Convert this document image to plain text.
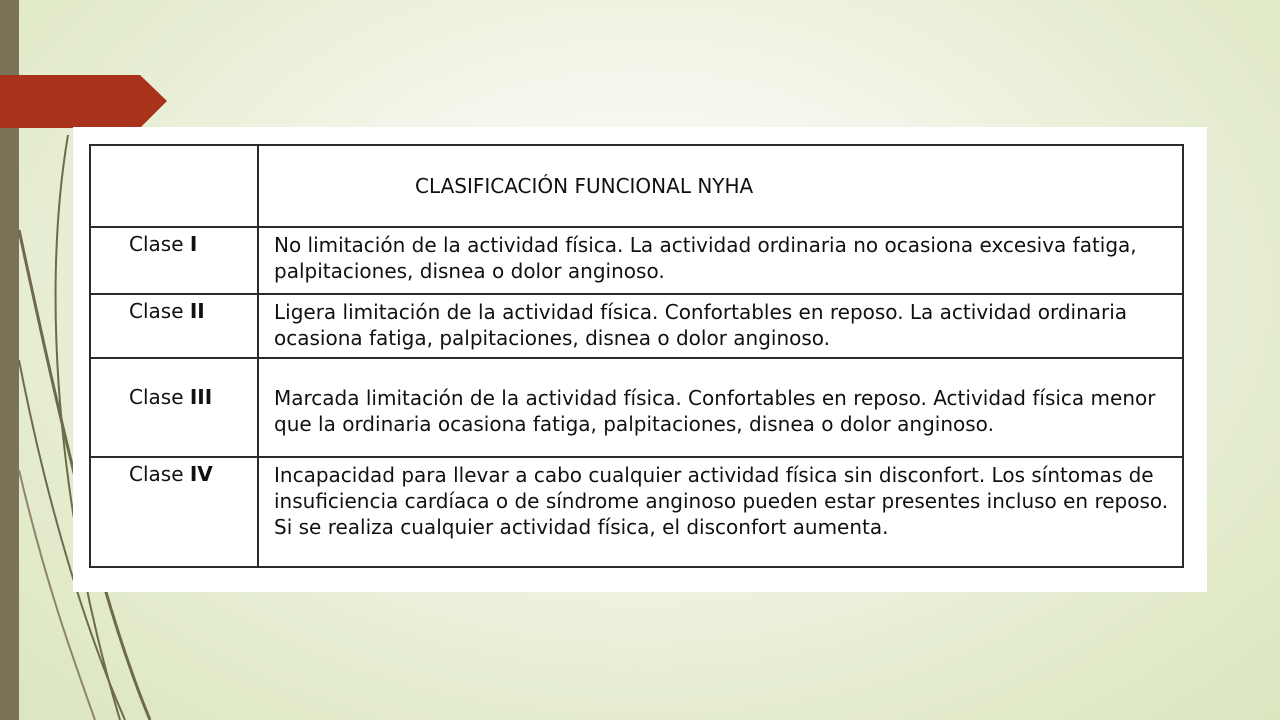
	CLASIFICACIÓN FUNCIONAL NYHA
Clase I	No limitación de la actividad física. La actividad ordinaria no ocasiona excesiva fatiga, palpitaciones, disnea o dolor anginoso.
Clase II	Ligera limitación de la actividad física. Confortables en reposo. La actividad ordinaria ocasiona fatiga, palpitaciones, disnea o dolor anginoso.
Clase III	Marcada limitación de la actividad física. Confortables en reposo. Actividad física menor que la ordinaria ocasiona fatiga, palpitaciones, disnea o dolor anginoso.
Clase IV	Incapacidad para llevar a cabo cualquier actividad física sin disconfort. Los síntomas de insuficiencia cardíaca o de síndrome anginoso pueden estar presentes incluso en reposo. Si se realiza cualquier actividad física, el disconfort aumenta.
